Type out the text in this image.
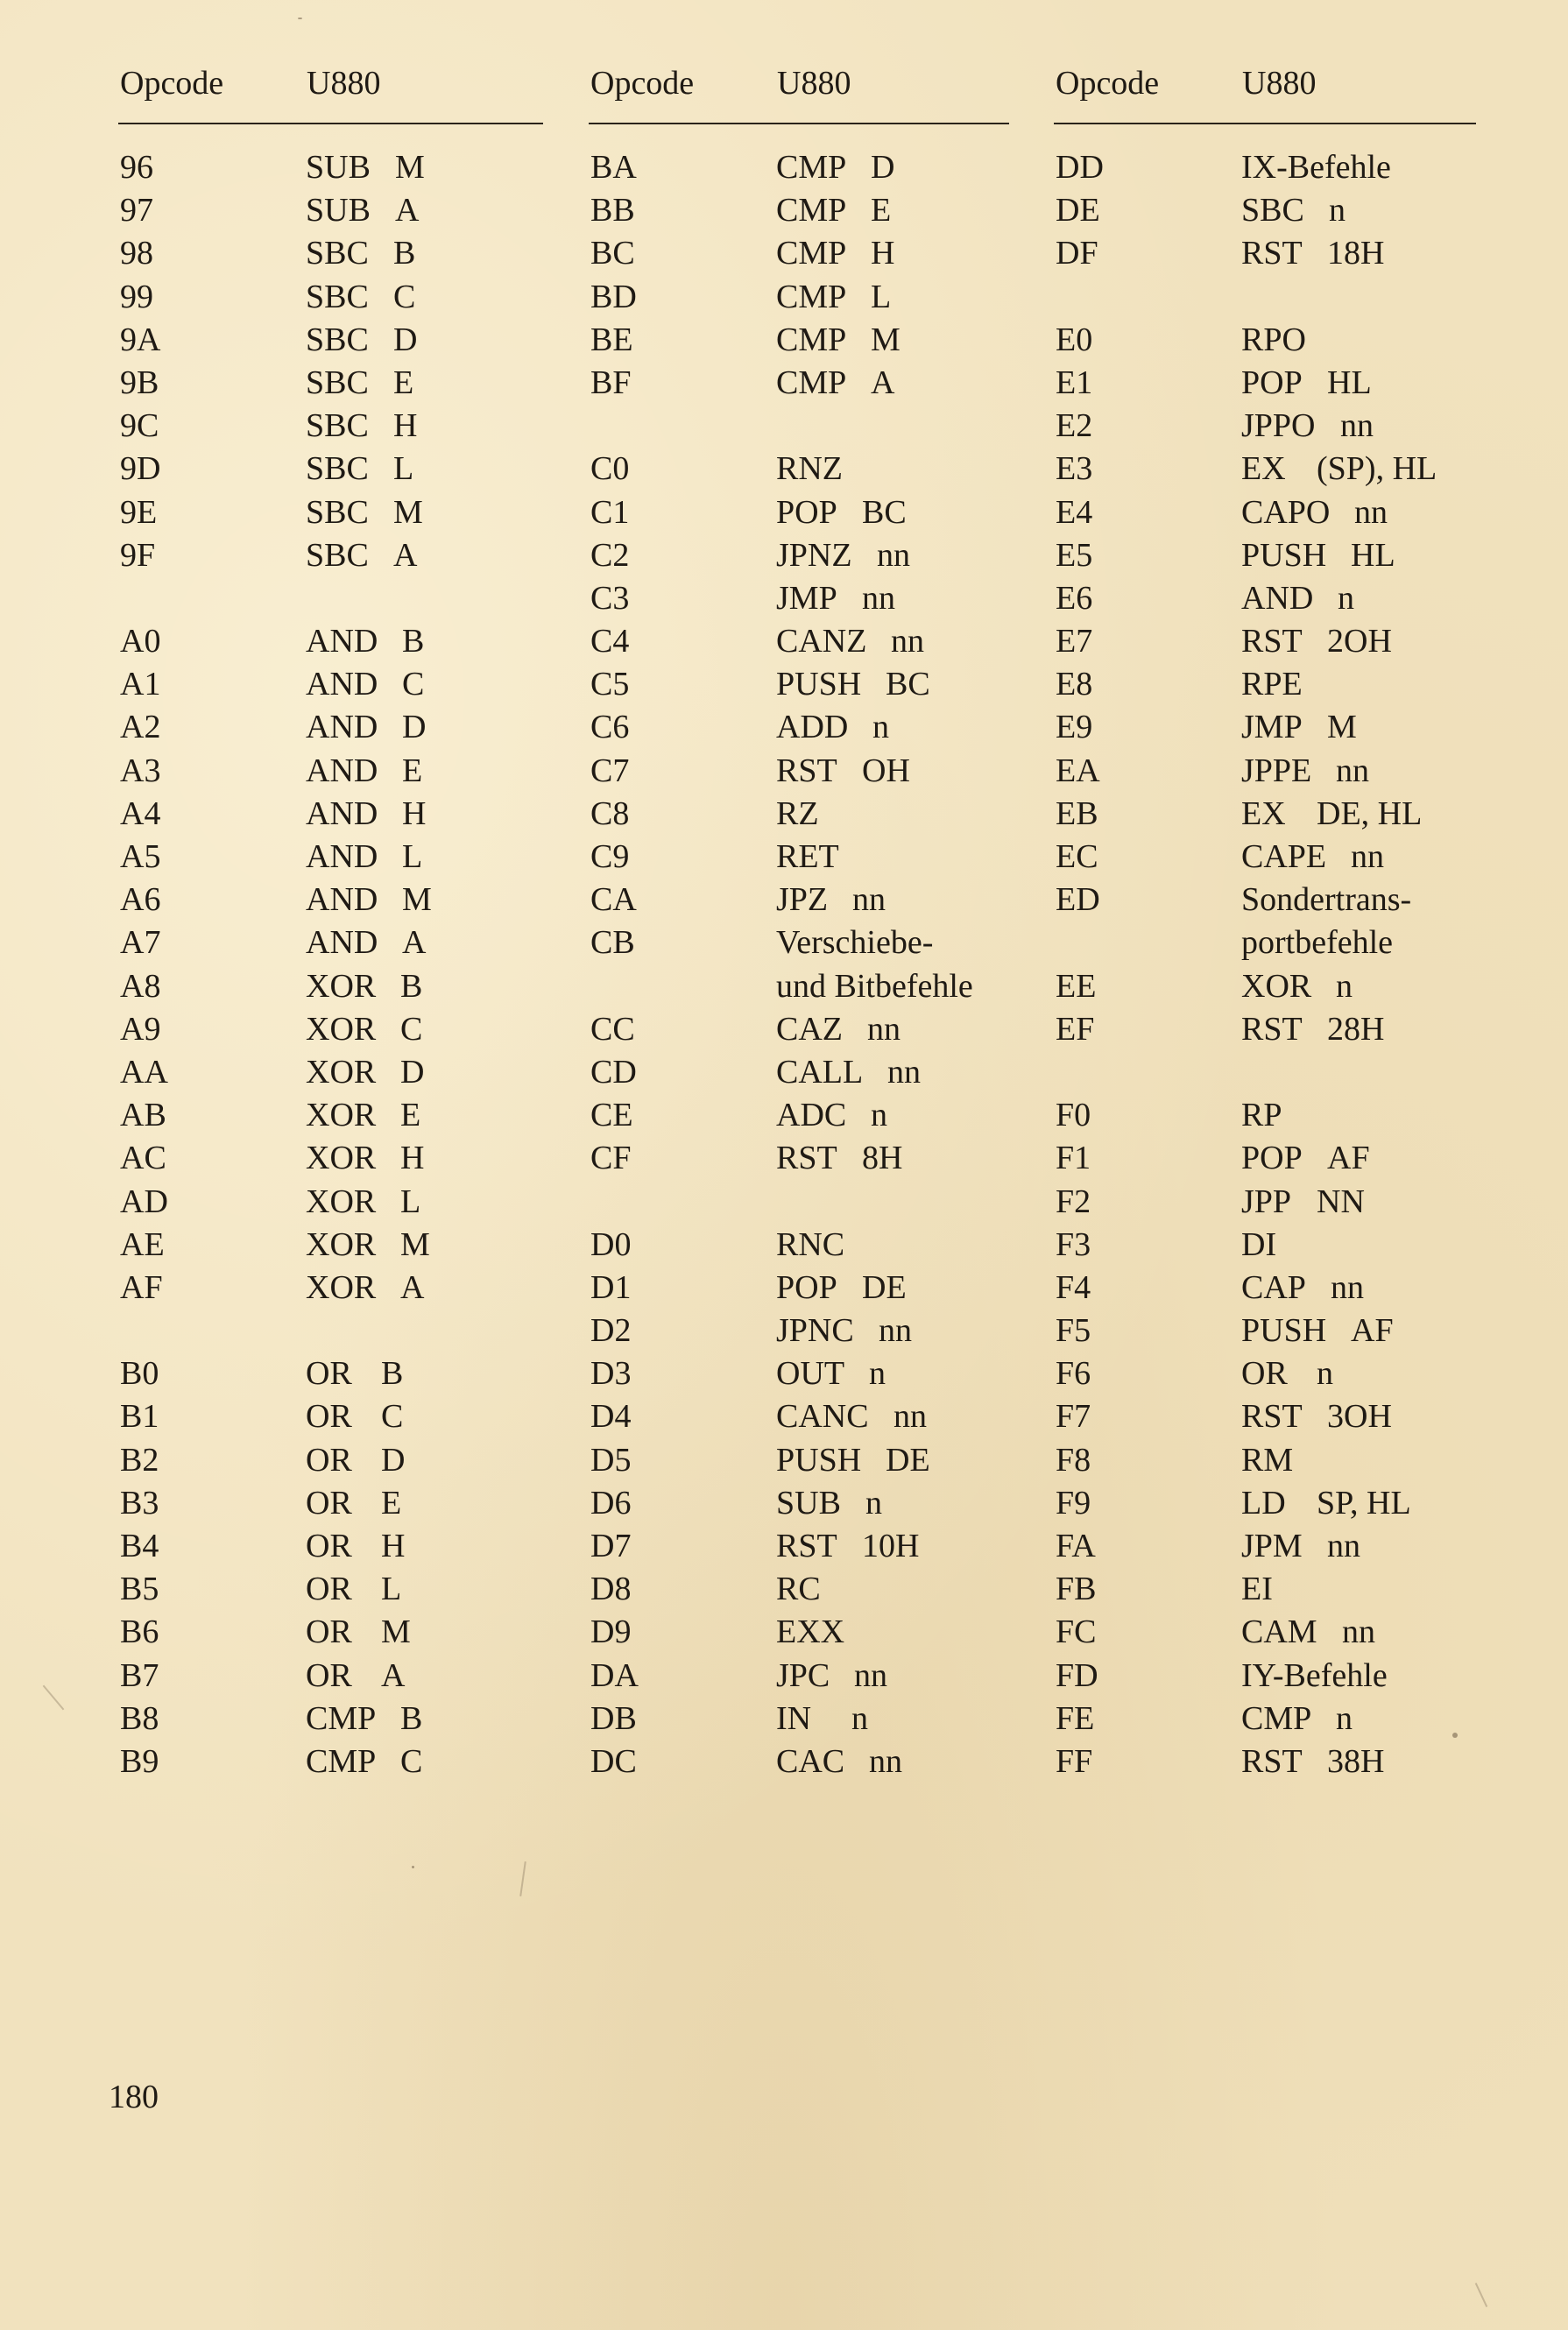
Opcode U880
96	SUB M
97	SUB A
98	SBC B
99	SBC C
9A	SBC D
9B	SBC E
9C	SBC H
9D	SBC L
9E	SBC M
9F	SBC A
A0	AND B
A1	AND C
A2	AND D
A3	AND E
A4	AND H
A5	AND L
A6	AND M
A7	AND A
A8	XOR B
A9	XOR C
AA	XOR D
AB	XOR E
AC	XOR H
AD	XOR L
AE	XOR M
AF	XOR A
B0	OR B
B1	OR C
B2	OR D
B3	OR E
B4	OR H
B5	OR L
B6	OR M
B7	OR A
B8	CMP B
B9	CMP C
Opcode U880
BA	CMP D
BB	CMP E
BC	CMP H
BD	CMP L
BE	CMP M
BF	CMP A
C0	RNZ
C1	POP BC
C2	JPNZ nn
C3	JMP nn
C4	CANZ nn
C5	PUSH BC
C6	ADD n
C7	RST OH
C8	RZ
C9	RET
CA	JPZ nn
CB	Verschiebe-
und Bitbefehle
CC	CAZ nn
CD	CALL nn
CE	ADC n
CF	RST 8H
D0	RNC
D1	POP DE
D2	JPNC nn
D3	OUT n
D4	CANC nn
D5	PUSH DE
D6	SUB n
D7	RST 10H
D8	RC
D9	EXX
DA	JPC nn
DB	IN n
DC	CAC nn
Opcode U880
DD	IX-Befehle
DE	SBC n
DF	RST 18H
E0	RPO
E1	POP HL
E2	JPPO nn
E3	EX (SP), HL
E4	CAPO nn
E5	PUSH HL
E6	AND n
E7	RST 2OH
E8	RPE
E9	JMP M
EA	JPPE nn
EB	EX DE, HL
EC	CAPE nn
ED	Sondertrans-
portbefehle
EE	XOR n
EF	RST 28H
F0	RP
F1	POP AF
F2	JPP NN
F3	DI
F4	CAP nn
F5	PUSH AF
F6	OR n
F7	RST 3OH
F8	RM
F9	LD SP, HL
FA	JPM nn
FB	EI
FC	CAM nn
FD	IY-Befehle
FE	CMP n
FF	RST 38H
180
